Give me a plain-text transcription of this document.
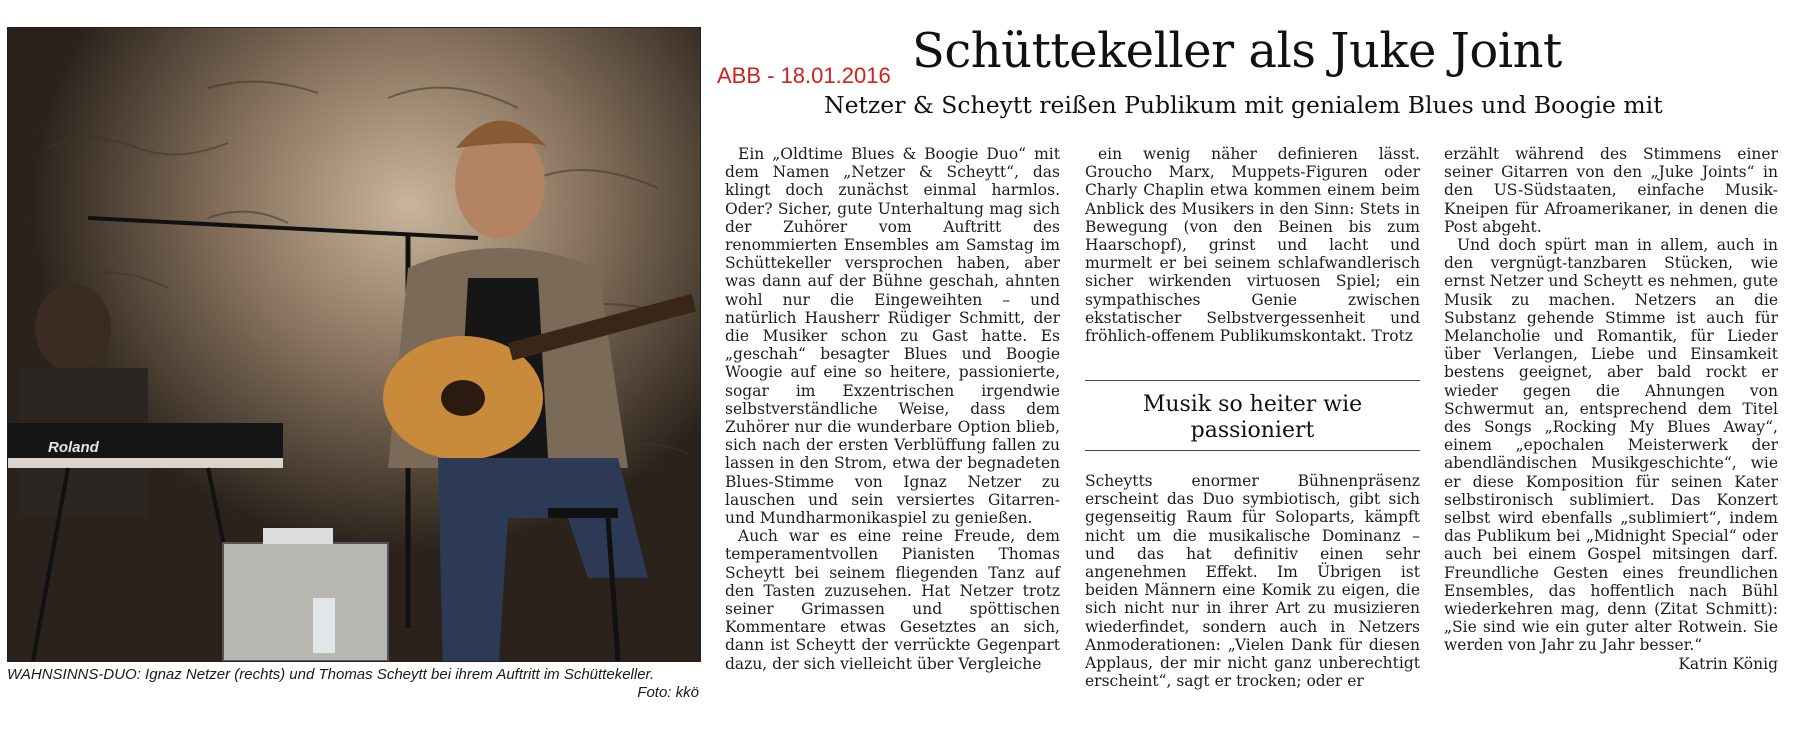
Roland
WAHNSINNS-DUO: Ignaz Netzer (rechts) und Thomas Scheytt bei ihrem Auftritt im Schüttekeller.
Foto: kkö
ABB - 18.01.2016 Schüttekeller als Juke Joint
Netzer & Scheytt reißen Publikum mit genialem Blues und Boogie mit

Ein „Oldtime Blues & Boogie Duo“ mit dem Namen „Netzer & Scheytt“, das klingt doch zunächst einmal harmlos. Oder? Sicher, gute Unterhaltung mag sich der Zuhörer vom Auftritt des renommierten Ensembles am Samstag im Schüttekeller versprochen haben, aber was dann auf der Bühne geschah, ahnten wohl nur die Eingeweihten – und natürlich Hausherr Rüdiger Schmitt, der die Musiker schon zu Gast hatte. Es „geschah“ besagter Blues und Boogie Woogie auf eine so heitere, passionierte, sogar im Exzentrischen irgendwie selbstverständliche Weise, dass dem Zuhörer nur die wunderbare Option blieb, sich nach der ersten Verblüffung fallen zu lassen in den Strom, etwa der begnadeten Blues-Stimme von Ignaz Netzer zu lauschen und sein versiertes Gitarren- und Mundharmonikaspiel zu genießen.

Auch war es eine reine Freude, dem temperamentvollen Pianisten Thomas Scheytt bei seinem fliegenden Tanz auf den Tasten zuzusehen. Hat Netzer trotz seiner Grimassen und spöttischen Kommentare etwas Gesetztes an sich, dann ist Scheytt der verrückte Gegenpart dazu, der sich vielleicht über Vergleiche

ein wenig näher definieren lässt. Groucho Marx, Muppets-Figuren oder Charly Chaplin etwa kommen einem beim Anblick des Musikers in den Sinn: Stets in Bewegung (von den Beinen bis zum Haarschopf), grinst und lacht und murmelt er bei seinem schlafwandlerisch sicher wirkenden virtuosen Spiel; ein sympathisches Genie zwischen ekstatischer Selbstvergessenheit und fröhlich-offenem Publikumskontakt. Trotz

Musik so heiter wie passioniert

Scheytts enormer Bühnenpräsenz erscheint das Duo symbiotisch, gibt sich gegenseitig Raum für Soloparts, kämpft nicht um die musikalische Dominanz – und das hat definitiv einen sehr angenehmen Effekt. Im Übrigen ist beiden Männern eine Komik zu eigen, die sich nicht nur in ihrer Art zu musizieren wiederfindet, sondern auch in Netzers Anmoderationen: „Vielen Dank für diesen Applaus, der mir nicht ganz unberechtigt erscheint“, sagt er trocken; oder er

erzählt während des Stimmens einer seiner Gitarren von den „Juke Joints“ in den US-Südstaaten, einfache Musik-Kneipen für Afroamerikaner, in denen die Post abgeht.

Und doch spürt man in allem, auch in den vergnügt-tanzbaren Stücken, wie ernst Netzer und Scheytt es nehmen, gute Musik zu machen. Netzers an die Substanz gehende Stimme ist auch für Melancholie und Romantik, für Lieder über Verlangen, Liebe und Einsamkeit bestens geeignet, aber bald rockt er wieder gegen die Ahnungen von Schwermut an, entsprechend dem Titel des Songs „Rocking My Blues Away“, einem „epochalen Meisterwerk der abendländischen Musikgeschichte“, wie er diese Komposition für seinen Kater selbstironisch sublimiert. Das Konzert selbst wird ebenfalls „sublimiert“, indem das Publikum bei „Midnight Special“ oder auch bei einem Gospel mitsingen darf. Freundliche Gesten eines freundlichen Ensembles, das hoffentlich nach Bühl wiederkehren mag, denn (Zitat Schmitt): „Sie sind wie ein guter alter Rotwein. Sie werden von Jahr zu Jahr besser.“
Katrin König
